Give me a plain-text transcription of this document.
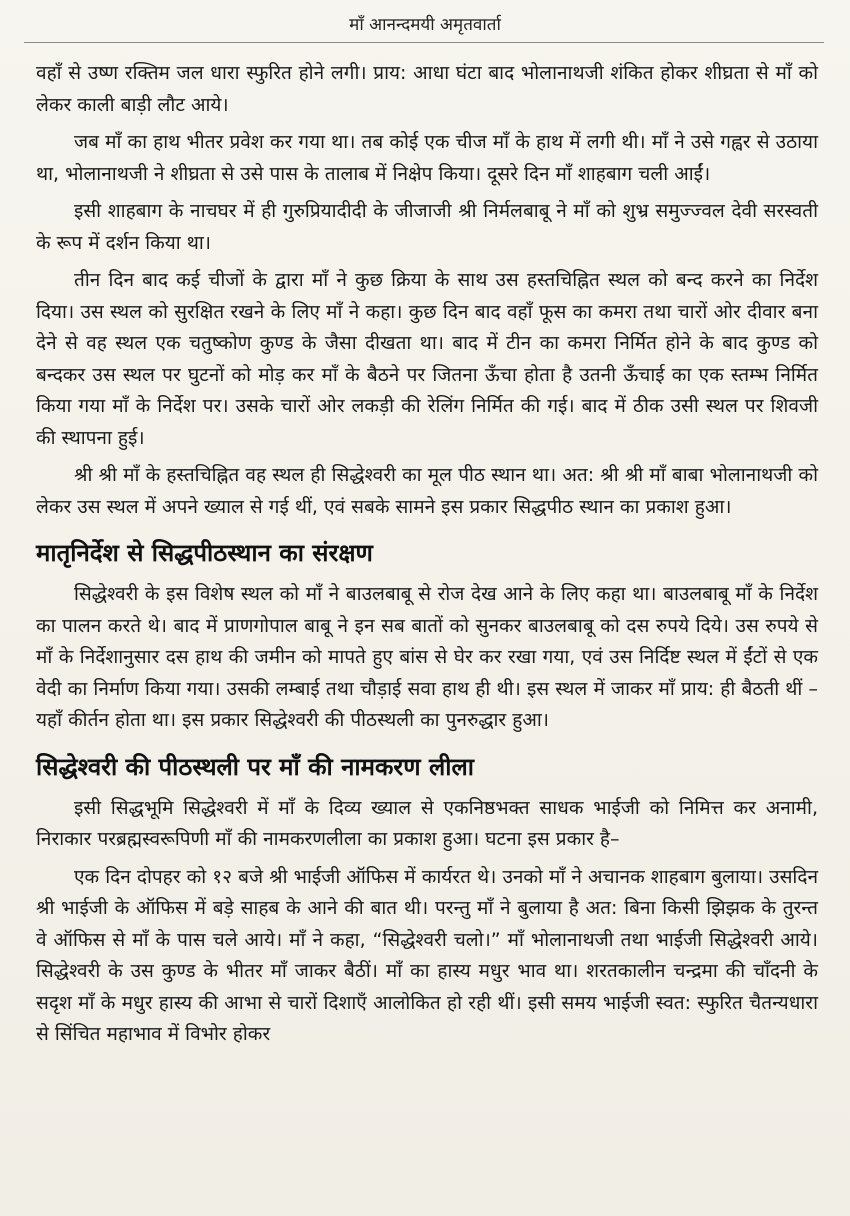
माँ आनन्दमयी अमृतवार्ता

वहाँ से उष्ण रक्तिम जल धारा स्फुरित होने लगी। प्राय: आधा घंटा बाद भोलानाथजी शंकित होकर शीघ्रता से माँ को लेकर काली बाड़ी लौट आये।

जब माँ का हाथ भीतर प्रवेश कर गया था। तब कोई एक चीज माँ के हाथ में लगी थी। माँ ने उसे गह्वर से उठाया था, भोलानाथजी ने शीघ्रता से उसे पास के तालाब में निक्षेप किया। दूसरे दिन माँ शाहबाग चली आईं।

इसी शाहबाग के नाचघर में ही गुरुप्रियादीदी के जीजाजी श्री निर्मलबाबू ने माँ को शुभ्र समुज्ज्वल देवी सरस्वती के रूप में दर्शन किया था।

तीन दिन बाद कई चीजों के द्वारा माँ ने कुछ क्रिया के साथ उस हस्तचिह्नित स्थल को बन्द करने का निर्देश दिया। उस स्थल को सुरक्षित रखने के लिए माँ ने कहा। कुछ दिन बाद वहाँ फूस का कमरा तथा चारों ओर दीवार बना देने से वह स्थल एक चतुष्कोण कुण्ड के जैसा दीखता था। बाद में टीन का कमरा निर्मित होने के बाद कुण्ड को बन्दकर उस स्थल पर घुटनों को मोड़ कर माँ के बैठने पर जितना ऊँचा होता है उतनी ऊँचाई का एक स्तम्भ निर्मित किया गया माँ के निर्देश पर। उसके चारों ओर लकड़ी की रेलिंग निर्मित की गई। बाद में ठीक उसी स्थल पर शिवजी की स्थापना हुई।

श्री श्री माँ के हस्तचिह्नित वह स्थल ही सिद्धेश्वरी का मूल पीठ स्थान था। अत: श्री श्री माँ बाबा भोलानाथजी को लेकर उस स्थल में अपने ख्याल से गई थीं, एवं सबके सामने इस प्रकार सिद्धपीठ स्थान का प्रकाश हुआ।

मातृनिर्देश से सिद्धपीठस्थान का संरक्षण

सिद्धेश्वरी के इस विशेष स्थल को माँ ने बाउलबाबू से रोज देख आने के लिए कहा था। बाउलबाबू माँ के निर्देश का पालन करते थे। बाद में प्राणगोपाल बाबू ने इन सब बातों को सुनकर बाउलबाबू को दस रुपये दिये। उस रुपये से माँ के निर्देशानुसार दस हाथ की जमीन को मापते हुए बांस से घेर कर रखा गया, एवं उस निर्दिष्ट स्थल में ईंटों से एक वेदी का निर्माण किया गया। उसकी लम्बाई तथा चौड़ाई सवा हाथ ही थी। इस स्थल में जाकर माँ प्राय: ही बैठती थीं – यहाँ कीर्तन होता था। इस प्रकार सिद्धेश्वरी की पीठस्थली का पुनरुद्धार हुआ।

सिद्धेश्वरी की पीठस्थली पर माँ की नामकरण लीला

इसी सिद्धभूमि सिद्धेश्वरी में माँ के दिव्य ख्याल से एकनिष्ठभक्त साधक भाईजी को निमित्त कर अनामी, निराकार परब्रह्मस्वरूपिणी माँ की नामकरणलीला का प्रकाश हुआ। घटना इस प्रकार है–

एक दिन दोपहर को १२ बजे श्री भाईजी ऑफिस में कार्यरत थे। उनको माँ ने अचानक शाहबाग बुलाया। उसदिन श्री भाईजी के ऑफिस में बड़े साहब के आने की बात थी। परन्तु माँ ने बुलाया है अत: बिना किसी झिझक के तुरन्त वे ऑफिस से माँ के पास चले आये। माँ ने कहा, “सिद्धेश्वरी चलो।” माँ भोलानाथजी तथा भाईजी सिद्धेश्वरी आये। सिद्धेश्वरी के उस कुण्ड के भीतर माँ जाकर बैठीं। माँ का हास्य मधुर भाव था। शरतकालीन चन्द्रमा की चाँदनी के सदृश माँ के मधुर हास्य की आभा से चारों दिशाएँ आलोकित हो रही थीं। इसी समय भाईजी स्वत: स्फुरित चैतन्यधारा से सिंचित महाभाव में विभोर होकर
